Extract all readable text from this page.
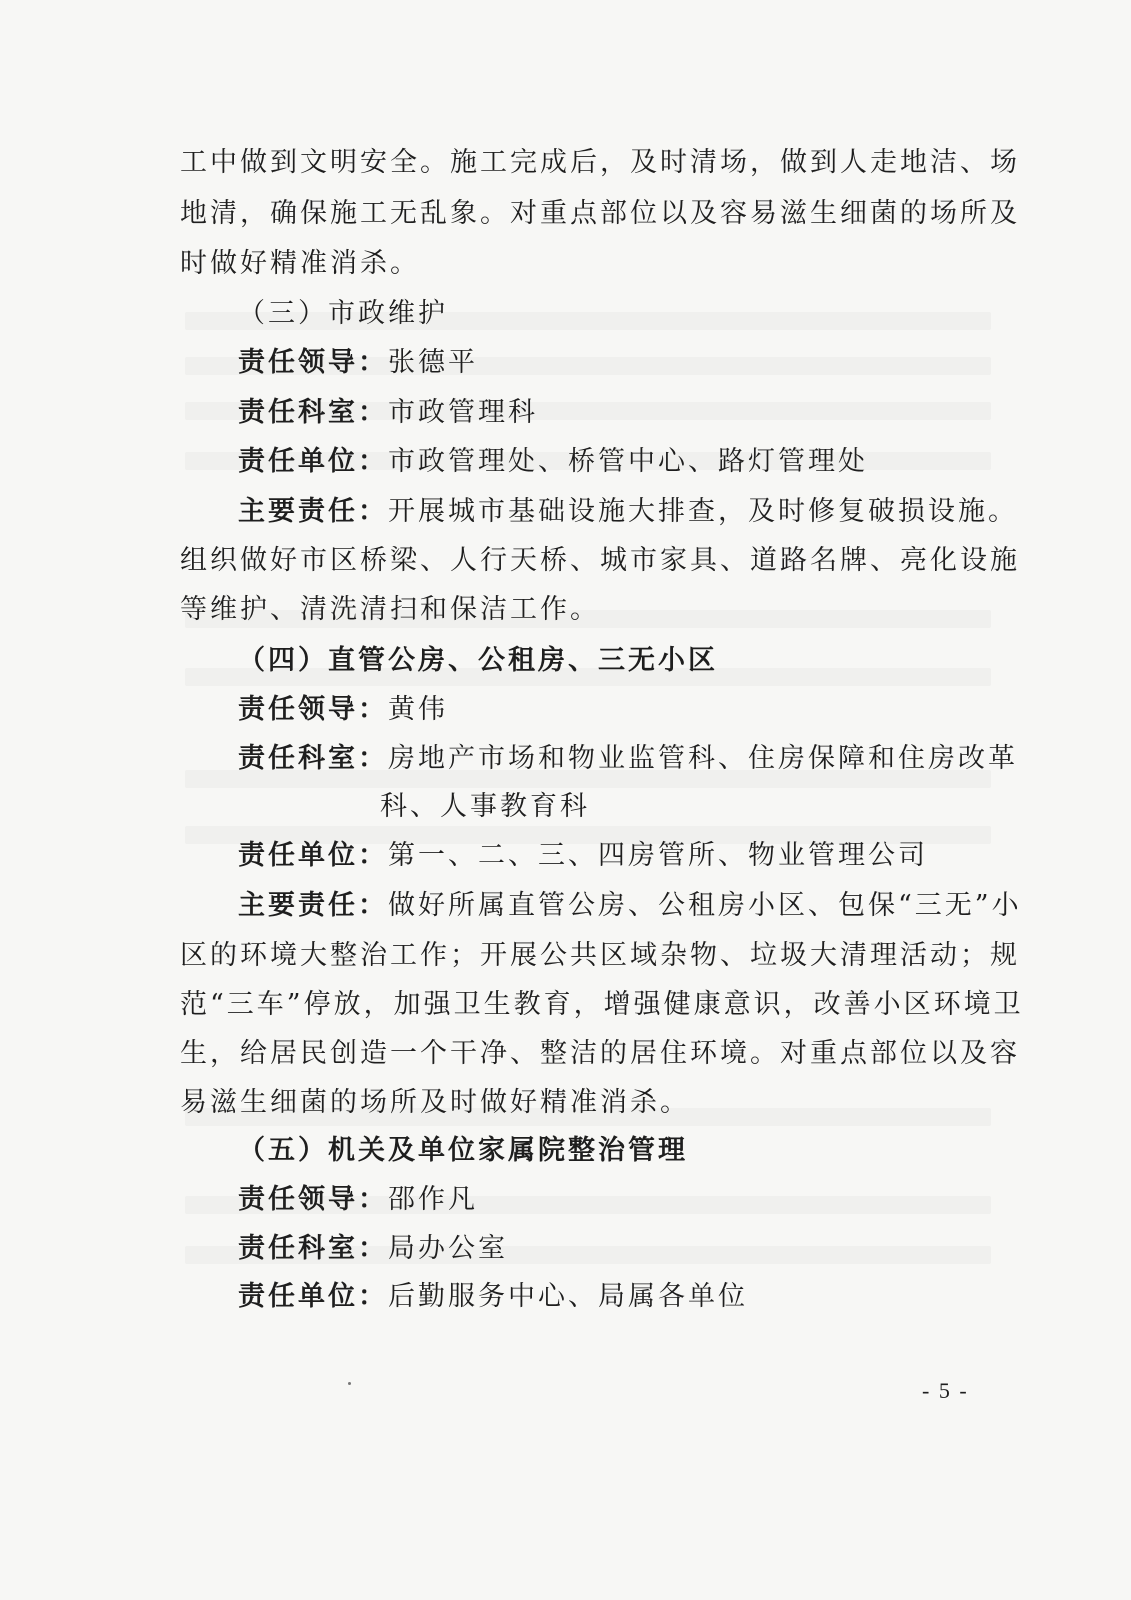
工中做到文明安全。施工完成后，及时清场，做到人走地洁、场
地清，确保施工无乱象。对重点部位以及容易滋生细菌的场所及
时做好精准消杀。
（三）市政维护
责任领导：张德平
责任科室：市政管理科
责任单位：市政管理处、桥管中心、路灯管理处
主要责任：开展城市基础设施大排查，及时修复破损设施。
组织做好市区桥梁、人行天桥、城市家具、道路名牌、亮化设施
等维护、清洗清扫和保洁工作。
（四）直管公房、公租房、三无小区
责任领导：黄伟
责任科室：房地产市场和物业监管科、住房保障和住房改革
科、人事教育科
责任单位：第一、二、三、四房管所、物业管理公司
主要责任：做好所属直管公房、公租房小区、包保“三无”小
区的环境大整治工作；开展公共区域杂物、垃圾大清理活动；规
范“三车”停放，加强卫生教育，增强健康意识，改善小区环境卫
生，给居民创造一个干净、整洁的居住环境。对重点部位以及容
易滋生细菌的场所及时做好精准消杀。
（五）机关及单位家属院整治管理
责任领导：邵作凡
责任科室：局办公室
责任单位：后勤服务中心、局属各单位
- 5 -
